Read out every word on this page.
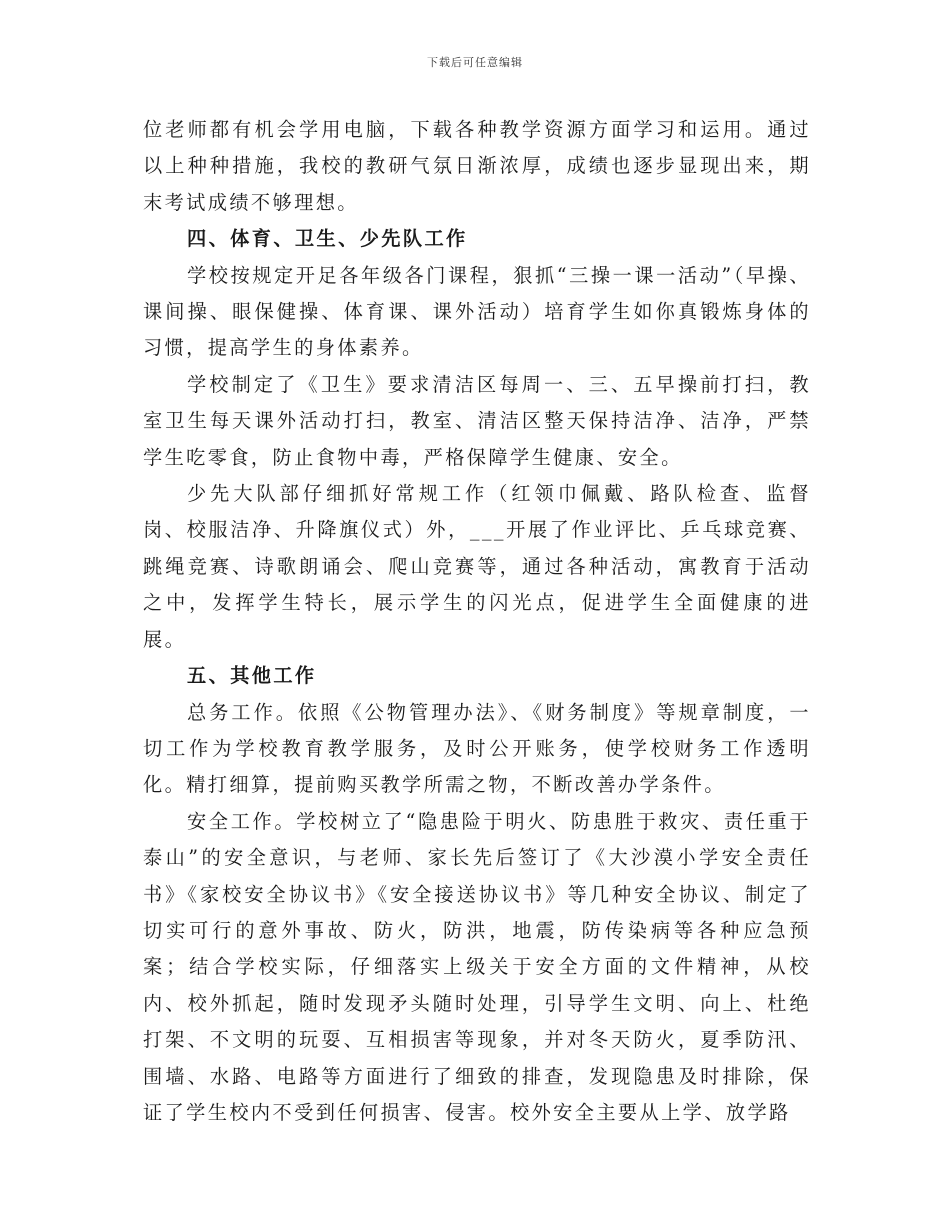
下载后可任意编辑

位老师都有机会学用电脑，下载各种教学资源方面学习和运用。通过以上种种措施，我校的教研气氛日渐浓厚，成绩也逐步显现出来，期末考试成绩不够理想。

四、体育、卫生、少先队工作

学校按规定开足各年级各门课程，狠抓“三操一课一活动”（早操、课间操、眼保健操、体育课、课外活动）培育学生如你真锻炼身体的习惯，提高学生的身体素养。

学校制定了《卫生》要求清洁区每周一、三、五早操前打扫，教室卫生每天课外活动打扫，教室、清洁区整天保持洁净、洁净，严禁学生吃零食，防止食物中毒，严格保障学生健康、安全。

少先大队部仔细抓好常规工作（红领巾佩戴、路队检查、监督岗、校服洁净、升降旗仪式）外，___开展了作业评比、乒乓球竞赛、跳绳竞赛、诗歌朗诵会、爬山竞赛等，通过各种活动，寓教育于活动之中，发挥学生特长，展示学生的闪光点，促进学生全面健康的进展。

五、其他工作

总务工作。依照《公物管理办法》、《财务制度》等规章制度，一切工作为学校教育教学服务，及时公开账务，使学校财务工作透明化。精打细算，提前购买教学所需之物，不断改善办学条件。

安全工作。学校树立了“隐患险于明火、防患胜于救灾、责任重于泰山”的安全意识，与老师、家长先后签订了《大沙漠小学安全责任书》《家校安全协议书》《安全接送协议书》等几种安全协议、制定了切实可行的意外事故、防火，防洪，地震，防传染病等各种应急预案；结合学校实际，仔细落实上级关于安全方面的文件精神，从校内、校外抓起，随时发现矛头随时处理，引导学生文明、向上、杜绝打架、不文明的玩耍、互相损害等现象，并对冬天防火，夏季防汛、围墙、水路、电路等方面进行了细致的排查，发现隐患及时排除，保证了学生校内不受到任何损害、侵害。校外安全主要从上学、放学路
